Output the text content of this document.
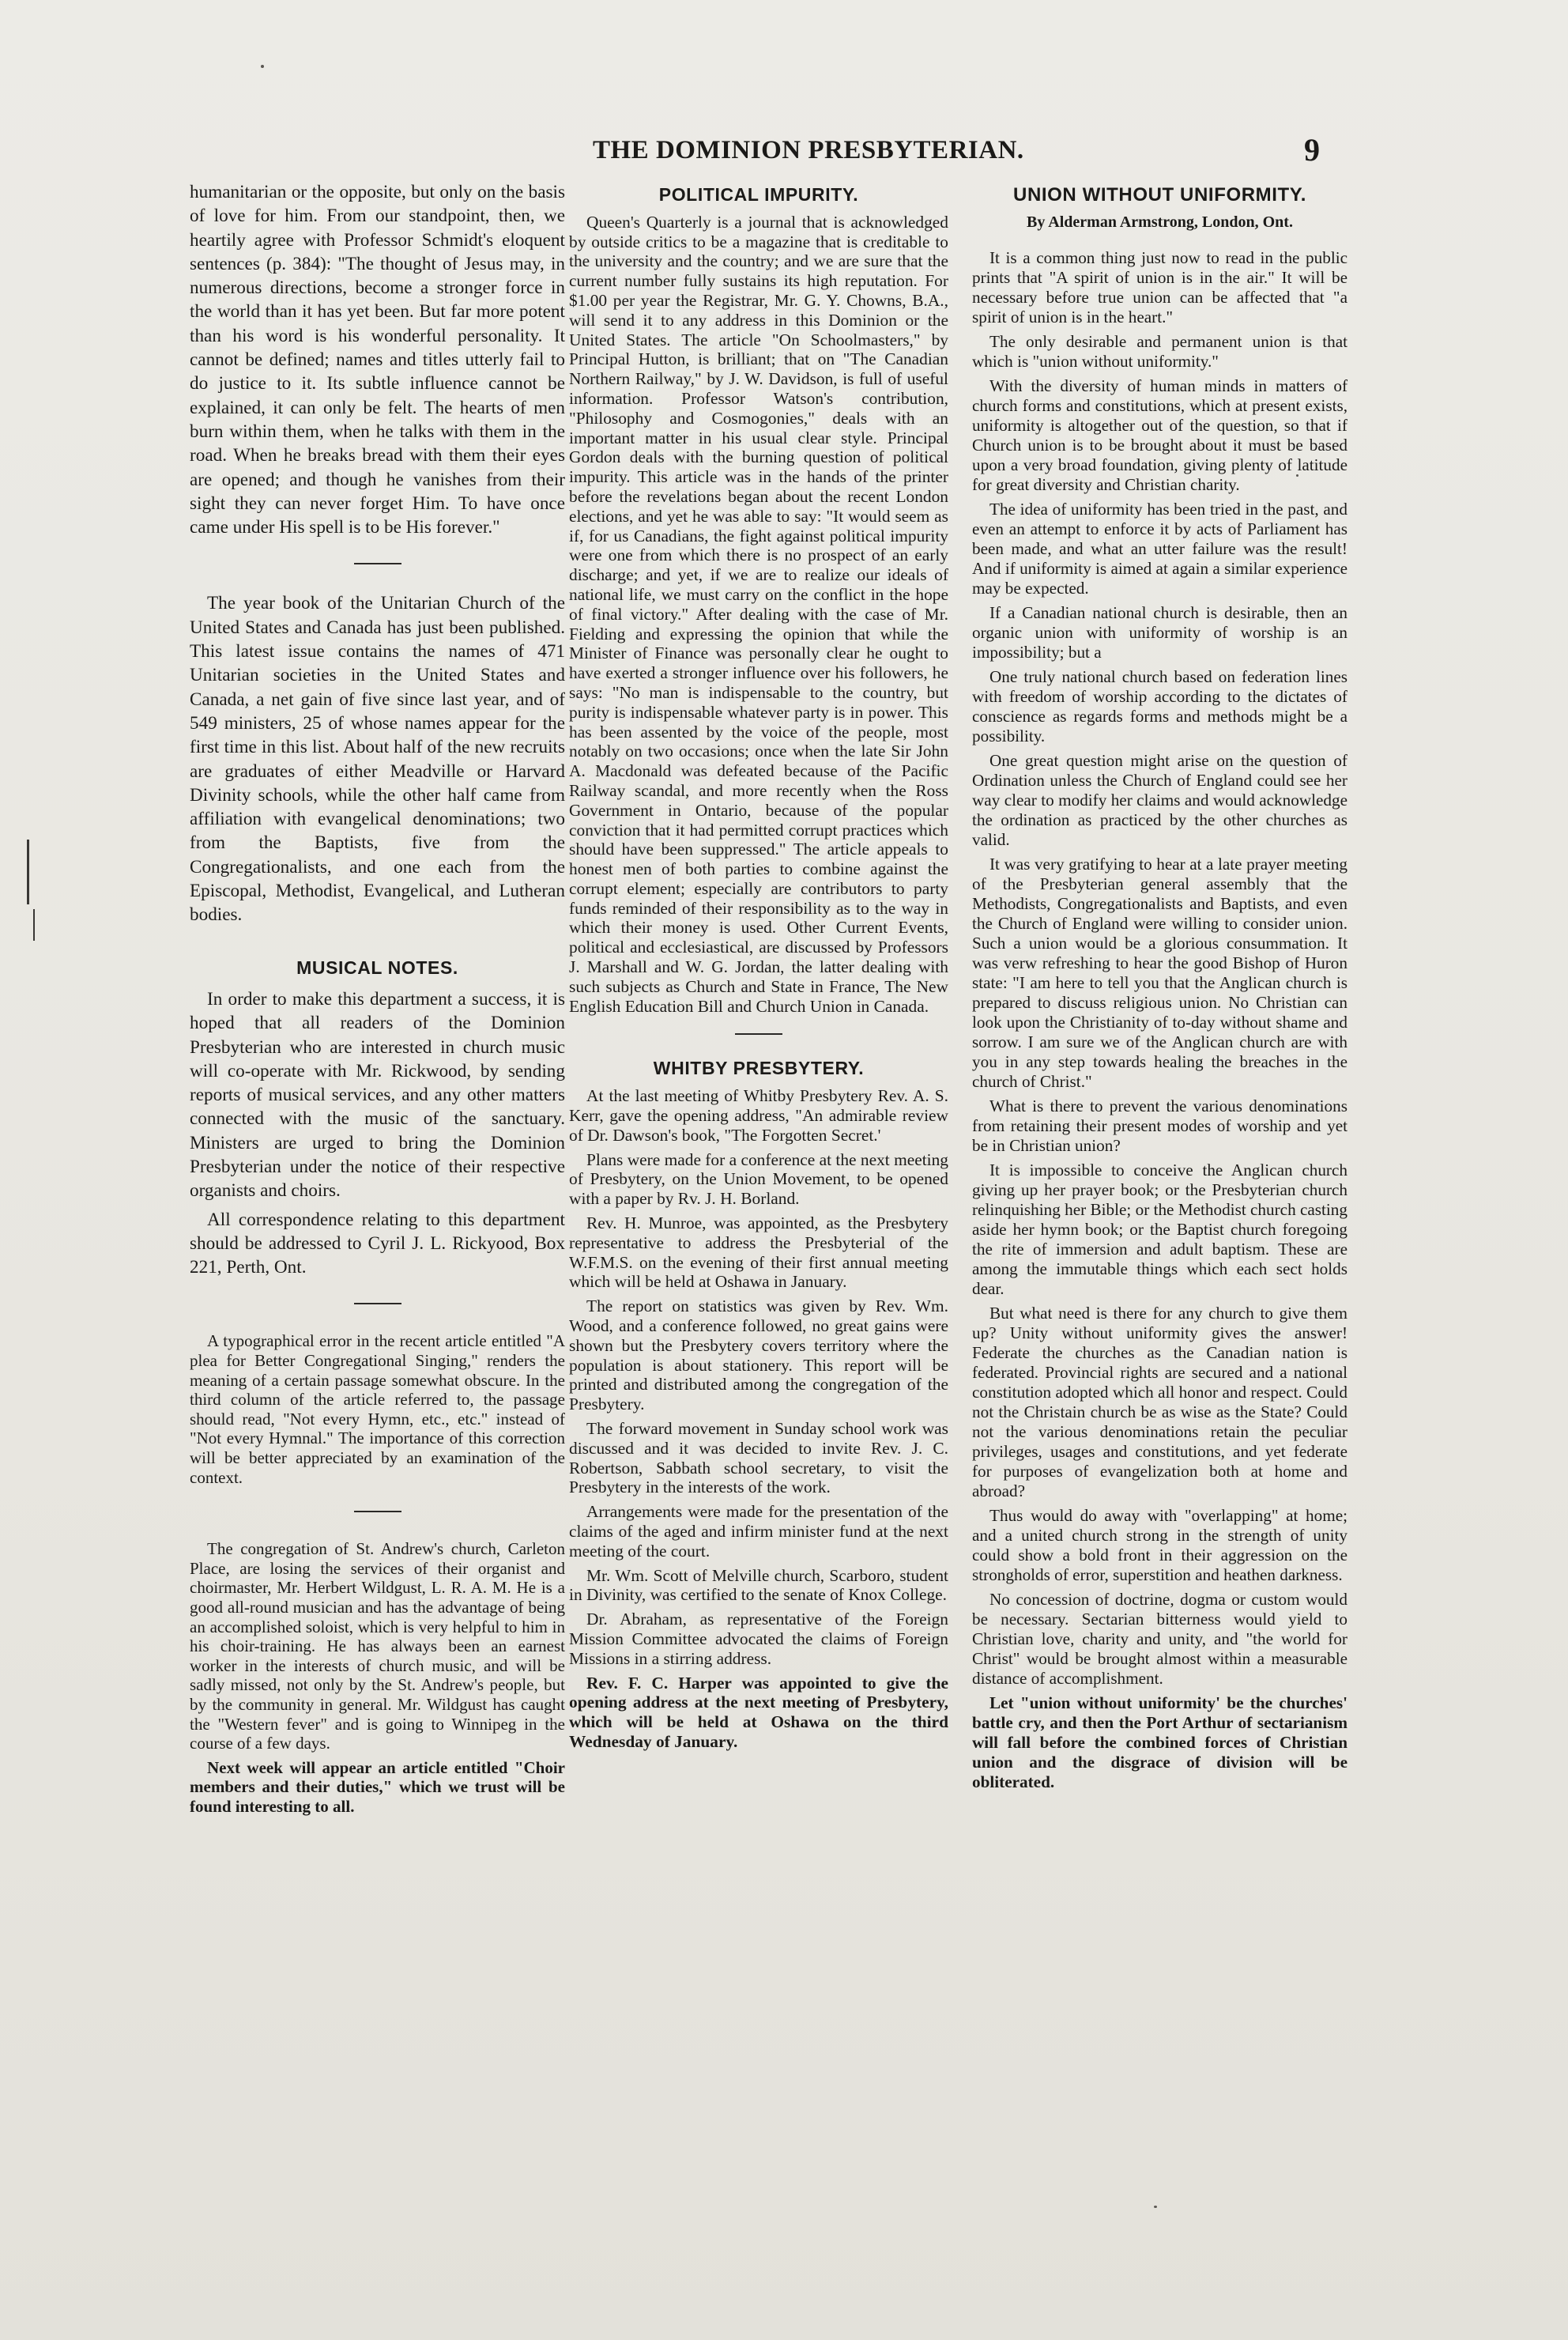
THE DOMINION PRESBYTERIAN.	9

humanitarian or the opposite, but only on the basis of love for him. From our standpoint, then, we heartily agree with Professor Schmidt's eloquent sentences (p. 384): "The thought of Jesus may, in numerous directions, become a stronger force in the world than it has yet been. But far more potent than his word is his wonderful personality. It cannot be defined; names and titles utterly fail to do justice to it. Its subtle influence cannot be explained, it can only be felt. The hearts of men burn within them, when he talks with them in the road. When he breaks bread with them their eyes are opened; and though he vanishes from their sight they can never forget Him. To have once came under His spell is to be His forever."

The year book of the Unitarian Church of the United States and Canada has just been published. This latest issue contains the names of 471 Unitarian societies in the United States and Canada, a net gain of five since last year, and of 549 ministers, 25 of whose names appear for the first time in this list. About half of the new recruits are graduates of either Meadville or Harvard Divinity schools, while the other half came from affiliation with evangelical denominations; two from the Baptists, five from the Congregationalists, and one each from the Episcopal, Methodist, Evangelical, and Lutheran bodies.

MUSICAL NOTES.

In order to make this department a success, it is hoped that all readers of the Dominion Presbyterian who are interested in church music will co-operate with Mr. Rickwood, by sending reports of musical services, and any other matters connected with the music of the sanctuary. Ministers are urged to bring the Dominion Presbyterian under the notice of their respective organists and choirs.

All correspondence relating to this department should be addressed to Cyril J. L. Rickyood, Box 221, Perth, Ont.

A typographical error in the recent article entitled "A plea for Better Congregational Singing," renders the meaning of a certain passage somewhat obscure. In the third column of the article referred to, the passage should read, "Not every Hymn, etc., etc." instead of "Not every Hymnal." The importance of this correction will be better appreciated by an examination of the context.

The congregation of St. Andrew's church, Carleton Place, are losing the services of their organist and choirmaster, Mr. Herbert Wildgust, L. R. A. M. He is a good all-round musician and has the advantage of being an accomplished soloist, which is very helpful to him in his choir-training. He has always been an earnest worker in the interests of church music, and will be sadly missed, not only by the St. Andrew's people, but by the community in general. Mr. Wildgust has caught the "Western fever" and is going to Winnipeg in the course of a few days.

Next week will appear an article entitled "Choir members and their duties," which we trust will be found interesting to all.

POLITICAL IMPURITY.

Queen's Quarterly is a journal that is acknowledged by outside critics to be a magazine that is creditable to the university and the country; and we are sure that the current number fully sustains its high reputation. For $1.00 per year the Registrar, Mr. G. Y. Chowns, B.A., will send it to any address in this Dominion or the United States. The article "On Schoolmasters," by Principal Hutton, is brilliant; that on "The Canadian Northern Railway," by J. W. Davidson, is full of useful information. Professor Watson's contribution, "Philosophy and Cosmogonies," deals with an important matter in his usual clear style. Principal Gordon deals with the burning question of political impurity. This article was in the hands of the printer before the revelations began about the recent London elections, and yet he was able to say: "It would seem as if, for us Canadians, the fight against political impurity were one from which there is no prospect of an early discharge; and yet, if we are to realize our ideals of national life, we must carry on the conflict in the hope of final victory." After dealing with the case of Mr. Fielding and expressing the opinion that while the Minister of Finance was personally clear he ought to have exerted a stronger influence over his followers, he says: "No man is indispensable to the country, but purity is indispensable whatever party is in power. This has been assented by the voice of the people, most notably on two occasions; once when the late Sir John A. Macdonald was defeated because of the Pacific Railway scandal, and more recently when the Ross Government in Ontario, because of the popular conviction that it had permitted corrupt practices which should have been suppressed." The article appeals to honest men of both parties to combine against the corrupt element; especially are contributors to party funds reminded of their responsibility as to the way in which their money is used. Other Current Events, political and ecclesiastical, are discussed by Professors J. Marshall and W. G. Jordan, the latter dealing with such subjects as Church and State in France, The New English Education Bill and Church Union in Canada.

WHITBY PRESBYTERY.

At the last meeting of Whitby Presbytery Rev. A. S. Kerr, gave the opening address, "An admirable review of Dr. Dawson's book, "The Forgotten Secret.'

Plans were made for a conference at the next meeting of Presbytery, on the Union Movement, to be opened with a paper by Rv. J. H. Borland.

Rev. H. Munroe, was appointed, as the Presbytery representative to address the Presbyterial of the W.F.M.S. on the evening of their first annual meeting which will be held at Oshawa in January.

The report on statistics was given by Rev. Wm. Wood, and a conference followed, no great gains were shown but the Presbytery covers territory where the population is about stationery. This report will be printed and distributed among the congregation of the Presbytery.

The forward movement in Sunday school work was discussed and it was decided to invite Rev. J. C. Robertson, Sabbath school secretary, to visit the Presbytery in the interests of the work.

Arrangements were made for the presentation of the claims of the aged and infirm minister fund at the next meeting of the court.

Mr. Wm. Scott of Melville church, Scarboro, student in Divinity, was certified to the senate of Knox College.

Dr. Abraham, as representative of the Foreign Mission Committee advocated the claims of Foreign Missions in a stirring address.

Rev. F. C. Harper was appointed to give the opening address at the next meeting of Presbytery, which will be held at Oshawa on the third Wednesday of January.

UNION WITHOUT UNIFORMITY.
By Alderman Armstrong, London, Ont.

It is a common thing just now to read in the public prints that "A spirit of union is in the air." It will be necessary before true union can be affected that "a spirit of union is in the heart."

The only desirable and permanent union is that which is "union without uniformity."

With the diversity of human minds in matters of church forms and constitutions, which at present exists, uniformity is altogether out of the question, so that if Church union is to be brought about it must be based upon a very broad foundation, giving plenty of latitude for great diversity and Christian charity.

The idea of uniformity has been tried in the past, and even an attempt to enforce it by acts of Parliament has been made, and what an utter failure was the result! And if uniformity is aimed at again a similar experience may be expected.

If a Canadian national church is desirable, then an organic union with uniformity of worship is an impossibility; but a

One truly national church based on federation lines with freedom of worship according to the dictates of conscience as regards forms and methods might be a possibility.

One great question might arise on the question of Ordination unless the Church of England could see her way clear to modify her claims and would acknowledge the ordination as practiced by the other churches as valid.

It was very gratifying to hear at a late prayer meeting of the Presbyterian general assembly that the Methodists, Congregationalists and Baptists, and even the Church of England were willing to consider union. Such a union would be a glorious consummation. It was verw refreshing to hear the good Bishop of Huron state: "I am here to tell you that the Anglican church is prepared to discuss religious union. No Christian can look upon the Christianity of to-day without shame and sorrow. I am sure we of the Anglican church are with you in any step towards healing the breaches in the church of Christ."

What is there to prevent the various denominations from retaining their present modes of worship and yet be in Christian union?

It is impossible to conceive the Anglican church giving up her prayer book; or the Presbyterian church relinquishing her Bible; or the Methodist church casting aside her hymn book; or the Baptist church foregoing the rite of immersion and adult baptism. These are among the immutable things which each sect holds dear.

But what need is there for any church to give them up? Unity without uniformity gives the answer! Federate the churches as the Canadian nation is federated. Provincial rights are secured and a national constitution adopted which all honor and respect. Could not the Christain church be as wise as the State? Could not the various denominations retain the peculiar privileges, usages and constitutions, and yet federate for purposes of evangelization both at home and abroad?

Thus would do away with "overlapping" at home; and a united church strong in the strength of unity could show a bold front in their aggression on the strongholds of error, superstition and heathen darkness.

No concession of doctrine, dogma or custom would be necessary. Sectarian bitterness would yield to Christian love, charity and unity, and "the world for Christ" would be brought almost within a measurable distance of accomplishment.

Let "union without uniformity' be the churches' battle cry, and then the Port Arthur of sectarianism will fall before the combined forces of Christian union and the disgrace of division will be obliterated.
